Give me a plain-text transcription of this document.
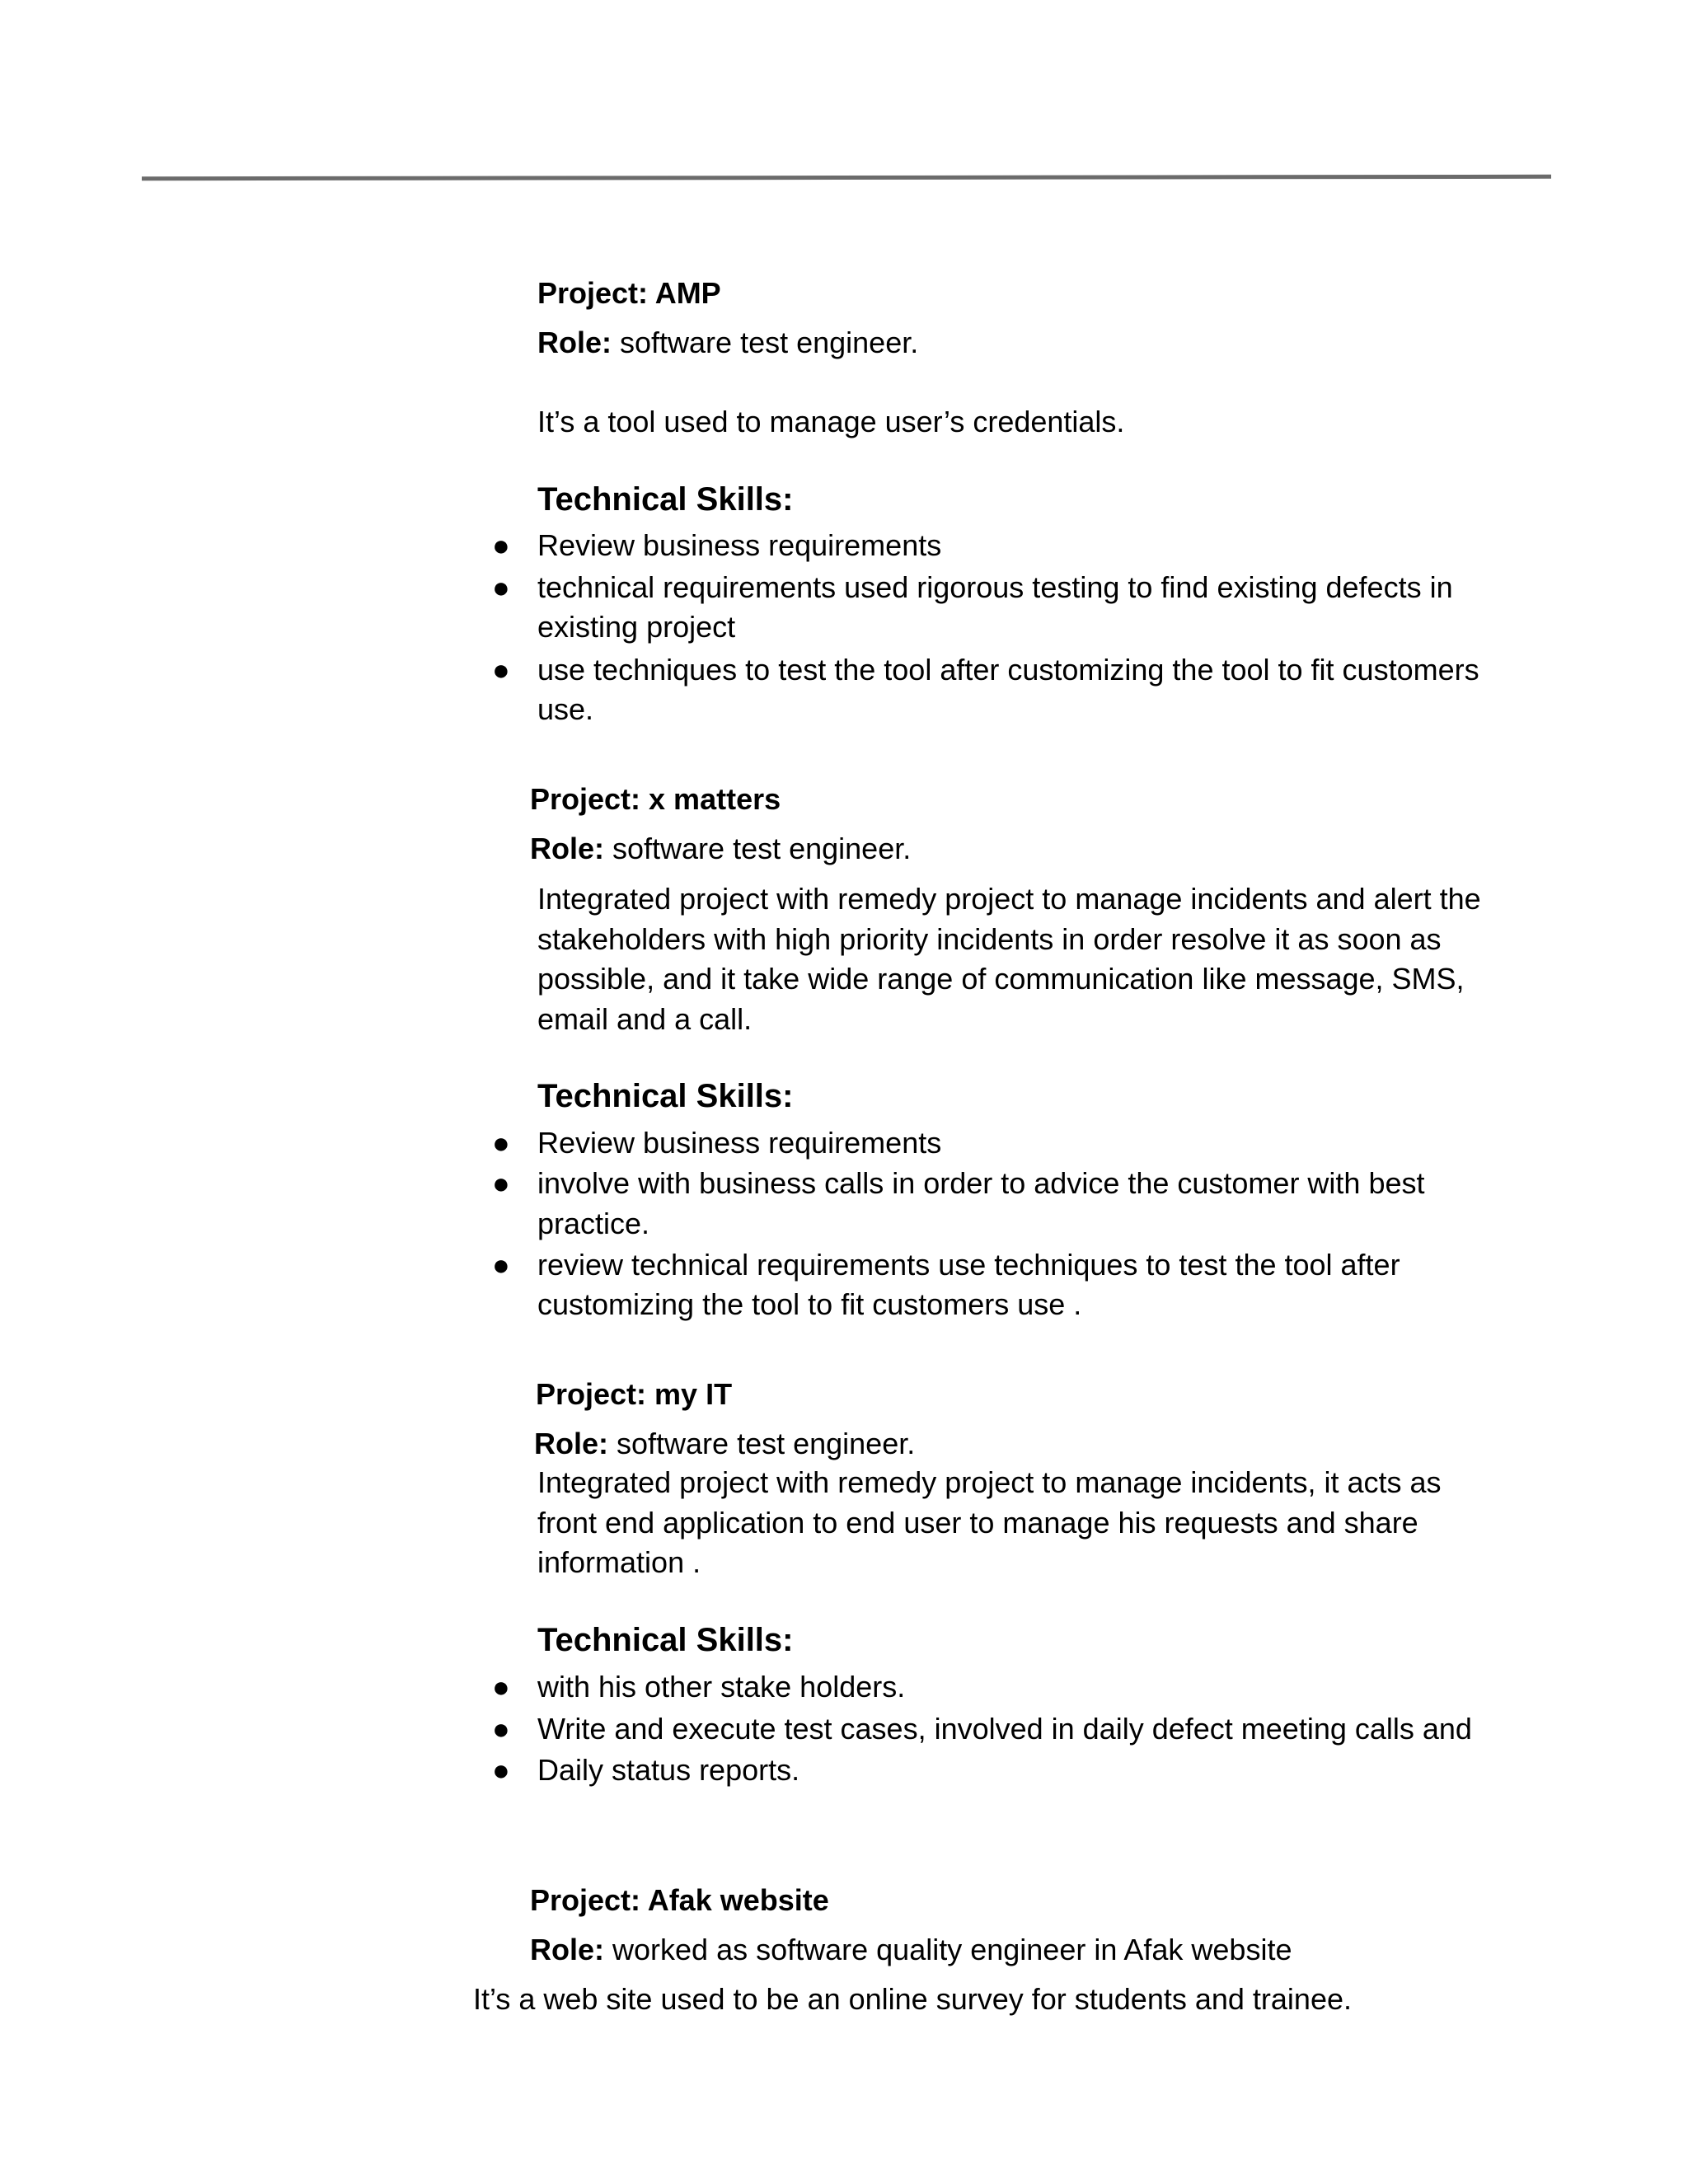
Project: AMP
Role: software test engineer.
It’s a tool used to manage user’s credentials.
Technical Skills:
● Review business requirements
● technical requirements used rigorous testing to find existing defects in
existing project
● use techniques to test the tool after customizing the tool to fit customers
use.
Project: x matters
Role: software test engineer.
Integrated project with remedy project to manage incidents and alert the
stakeholders with high priority incidents in order resolve it as soon as
possible, and it take wide range of communication like message, SMS,
email and a call.
Technical Skills:
● Review business requirements
● involve with business calls in order to advice the customer with best
practice.
● review technical requirements use techniques to test the tool after
customizing the tool to fit customers use .
Project: my IT
Role: software test engineer.
Integrated project with remedy project to manage incidents, it acts as
front end application to end user to manage his requests and share
information .
Technical Skills:
● with his other stake holders.
● Write and execute test cases, involved in daily defect meeting calls and
● Daily status reports.
Project: Afak website
Role: worked as software quality engineer in Afak website
It’s a web site used to be an online survey for students and trainee.
